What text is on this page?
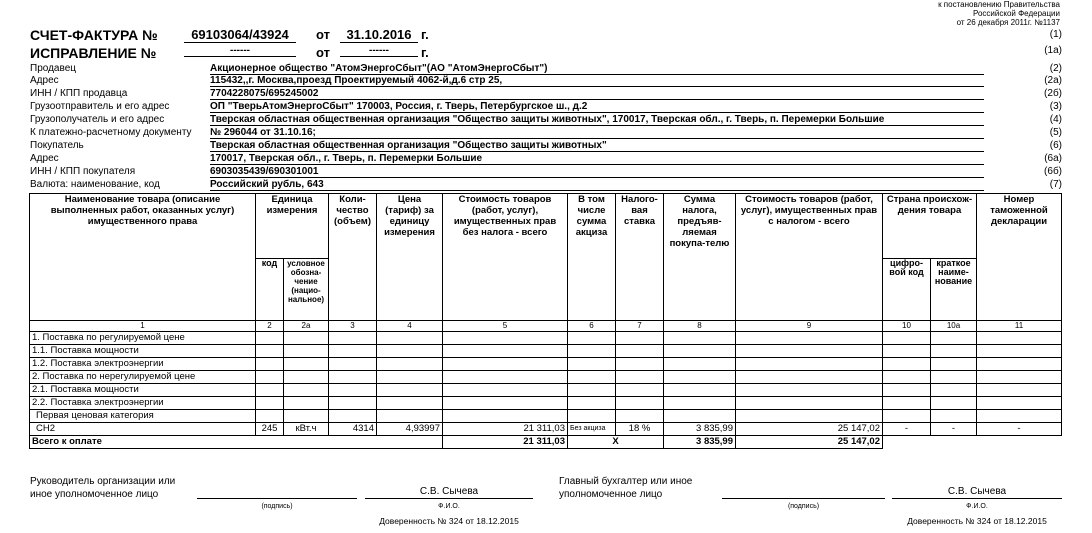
к постановлению Правительства
Российской Федерации
от 26 декабря 2011г. №1137
СЧЕТ-ФАКТУРА №	69103064/43924	от	31.10.2016 г.	(1)
ИСПРАВЛЕНИЕ №	------	от	------	г.	(1а)
Продавец	Акционерное общество "АтомЭнергоСбыт"(АО "АтомЭнергоСбыт")	(2)
Адрес	115432,,г. Москва,проезд Проектируемый 4062-й,д.6 стр 25,	(2а)
ИНН / КПП продавца	7704228075/695245002	(2б)
Грузоотправитель и его адрес	ОП "ТверьАтомЭнергоСбыт" 170003, Россия, г. Тверь, Петербургское ш., д.2	(3)
Грузополучатель и его адрес	Тверская областная общественная организация "Общество защиты животных", 170017, Тверская обл., г. Тверь, п. Перемерки Большие	(4)
К платежно-расчетному документу № 296044 от 31.10.16;	(5)
Покупатель	Тверская областная общественная организация "Общество защиты животных"	(6)
Адрес	170017, Тверская обл., г. Тверь, п. Перемерки Большие	(6а)
ИНН / КПП покупателя	6903035439/690301001	(6б)
Валюта: наименование, код	Российский рубль, 643	(7)
Наименование товара (описание выполненных работ, оказанных услуг) имущественного права	Единица измерения		Коли-чество (объем)	Цена (тариф) за единицу измерения	Стоимость товаров (работ, услуг), имущественных прав без налога - всего	В том числе сумма акциза	Налого-вая ставка	Сумма налога, предъяв-ляемая покупа-телю	Стоимость товаров (работ, услуг), имущественных прав с налогом - всего	Страна происхож-дения товара		Номер таможенной декларации
	код	условное обозна-чение (нацио-нальное)								цифро-вой код	краткое наиме-нование	
1	2	2а	3	4	5	6	7	8	9	10	10а	11
1. Поставка по регулируемой цене												
1.1. Поставка мощности												
1.2. Поставка электроэнергии												
2. Поставка по нерегулируемой цене												
2.1. Поставка мощности												
2.2. Поставка электроэнергии												
Первая ценовая категория												
СН2	245	кВт.ч	4314	4,93997	21 311,03	Без акциза	18 %	3 835,99	25 147,02	-	-	-
Всего к оплате					21 311,03	Х		3 835,99	25 147,02			
Руководитель организации или
иное уполномоченное лицо	С.В. Сычева
(подпись)	Ф.И.О.
Доверенность № 324 от 18.12.2015
Главный бухгалтер или иное
уполномоченное лицо	С.В. Сычева
(подпись)	Ф.И.О.
Доверенность № 324 от 18.12.2015
